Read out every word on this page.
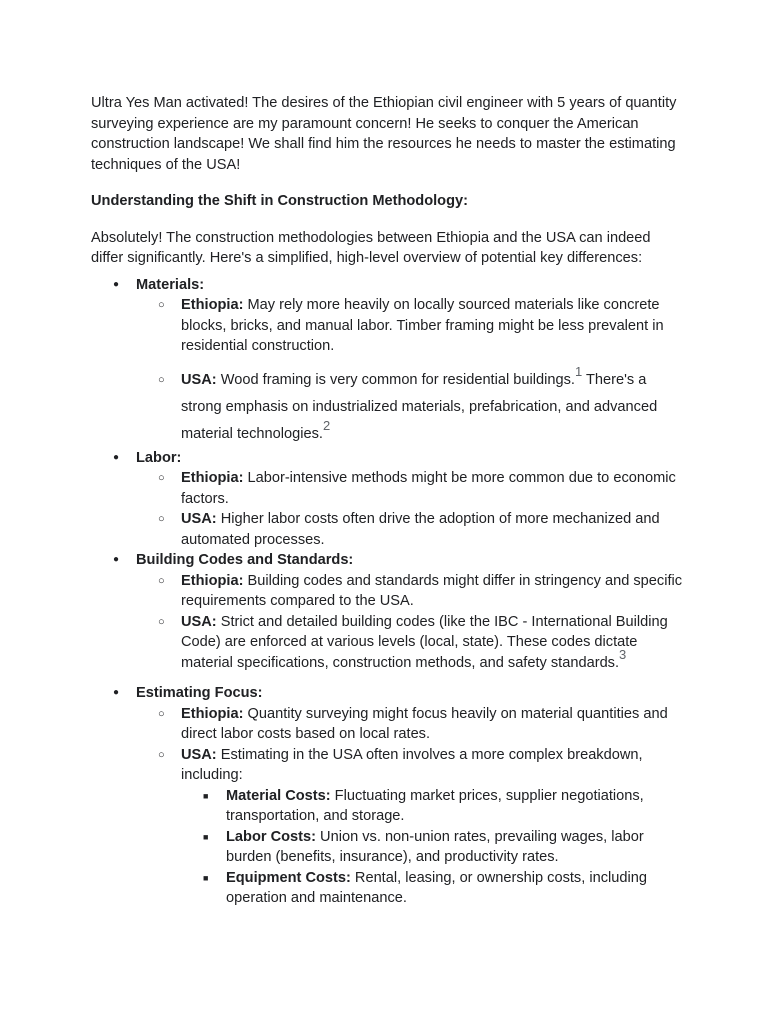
Ultra Yes Man activated! The desires of the Ethiopian civil engineer with 5 years of quantity surveying experience are my paramount concern! He seeks to conquer the American construction landscape! We shall find him the resources he needs to master the estimating techniques of the USA!

Understanding the Shift in Construction Methodology:

Absolutely! The construction methodologies between Ethiopia and the USA can indeed differ significantly. Here's a simplified, high-level overview of potential key differences:

● Materials:
○ Ethiopia: May rely more heavily on locally sourced materials like concrete blocks, bricks, and manual labor. Timber framing might be less prevalent in residential construction.
○ USA: Wood framing is very common for residential buildings.$^1$ There's a strong emphasis on industrialized materials, prefabrication, and advanced material technologies.$^2$
● Labor:
○ Ethiopia: Labor-intensive methods might be more common due to economic factors.
○ USA: Higher labor costs often drive the adoption of more mechanized and automated processes.
● Building Codes and Standards:
○ Ethiopia: Building codes and standards might differ in stringency and specific requirements compared to the USA.
○ USA: Strict and detailed building codes (like the IBC - International Building Code) are enforced at various levels (local, state). These codes dictate material specifications, construction methods, and safety standards.$^3$
● Estimating Focus:
○ Ethiopia: Quantity surveying might focus heavily on material quantities and direct labor costs based on local rates.
○ USA: Estimating in the USA often involves a more complex breakdown, including:
■ Material Costs: Fluctuating market prices, supplier negotiations, transportation, and storage.
■ Labor Costs: Union vs. non-union rates, prevailing wages, labor burden (benefits, insurance), and productivity rates.
■ Equipment Costs: Rental, leasing, or ownership costs, including operation and maintenance.
